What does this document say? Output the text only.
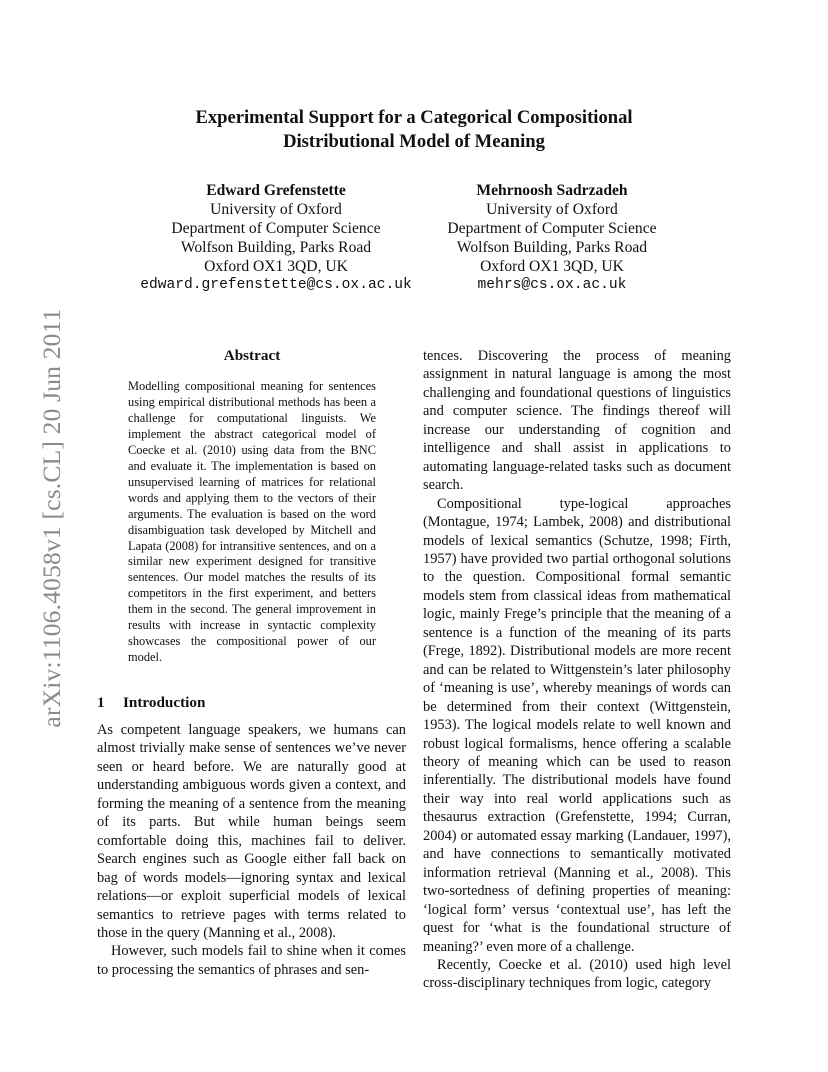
arXiv:1106.4058v1 [cs.CL] 20 Jun 2011
Experimental Support for a Categorical Compositional
Distributional Model of Meaning
Edward Grefenstette
University of Oxford
Department of Computer Science
Wolfson Building, Parks Road
Oxford OX1 3QD, UK
edward.grefenstette@cs.ox.ac.uk
Mehrnoosh Sadrzadeh
University of Oxford
Department of Computer Science
Wolfson Building, Parks Road
Oxford OX1 3QD, UK
mehrs@cs.ox.ac.uk
Abstract
Modelling compositional meaning for sentences using empirical distributional methods has been a challenge for computational linguists. We implement the abstract categorical model of Coecke et al. (2010) using data from the BNC and evaluate it. The implementation is based on unsupervised learning of matrices for relational words and applying them to the vectors of their arguments. The evaluation is based on the word disambiguation task developed by Mitchell and Lapata (2008) for intransitive sentences, and on a similar new experiment designed for transitive sentences. Our model matches the results of its competitors in the first experiment, and betters them in the second. The general improvement in results with increase in syntactic complexity showcases the compositional power of our model.
1 Introduction

As competent language speakers, we humans can almost trivially make sense of sentences we’ve never seen or heard before. We are naturally good at understanding ambiguous words given a context, and forming the meaning of a sentence from the meaning of its parts. But while human beings seem comfortable doing this, machines fail to deliver. Search engines such as Google either fall back on bag of words models—ignoring syntax and lexical relations—or exploit superficial models of lexical semantics to retrieve pages with terms related to those in the query (Manning et al., 2008).

However, such models fail to shine when it comes to processing the semantics of phrases and sen-

tences. Discovering the process of meaning assignment in natural language is among the most challenging and foundational questions of linguistics and computer science. The findings thereof will increase our understanding of cognition and intelligence and shall assist in applications to automating language-related tasks such as document search.

Compositional type-logical approaches (Montague, 1974; Lambek, 2008) and distributional models of lexical semantics (Schutze, 1998; Firth, 1957) have provided two partial orthogonal solutions to the question. Compositional formal semantic models stem from classical ideas from mathematical logic, mainly Frege’s principle that the meaning of a sentence is a function of the meaning of its parts (Frege, 1892). Distributional models are more recent and can be related to Wittgenstein’s later philosophy of ‘meaning is use’, whereby meanings of words can be determined from their context (Wittgenstein, 1953). The logical models relate to well known and robust logical formalisms, hence offering a scalable theory of meaning which can be used to reason inferentially. The distributional models have found their way into real world applications such as thesaurus extraction (Grefenstette, 1994; Curran, 2004) or automated essay marking (Landauer, 1997), and have connections to semantically motivated information retrieval (Manning et al., 2008). This two-sortedness of defining properties of meaning: ‘logical form’ versus ‘contextual use’, has left the quest for ‘what is the foundational structure of meaning?’ even more of a challenge.

Recently, Coecke et al. (2010) used high level cross-disciplinary techniques from logic, category
